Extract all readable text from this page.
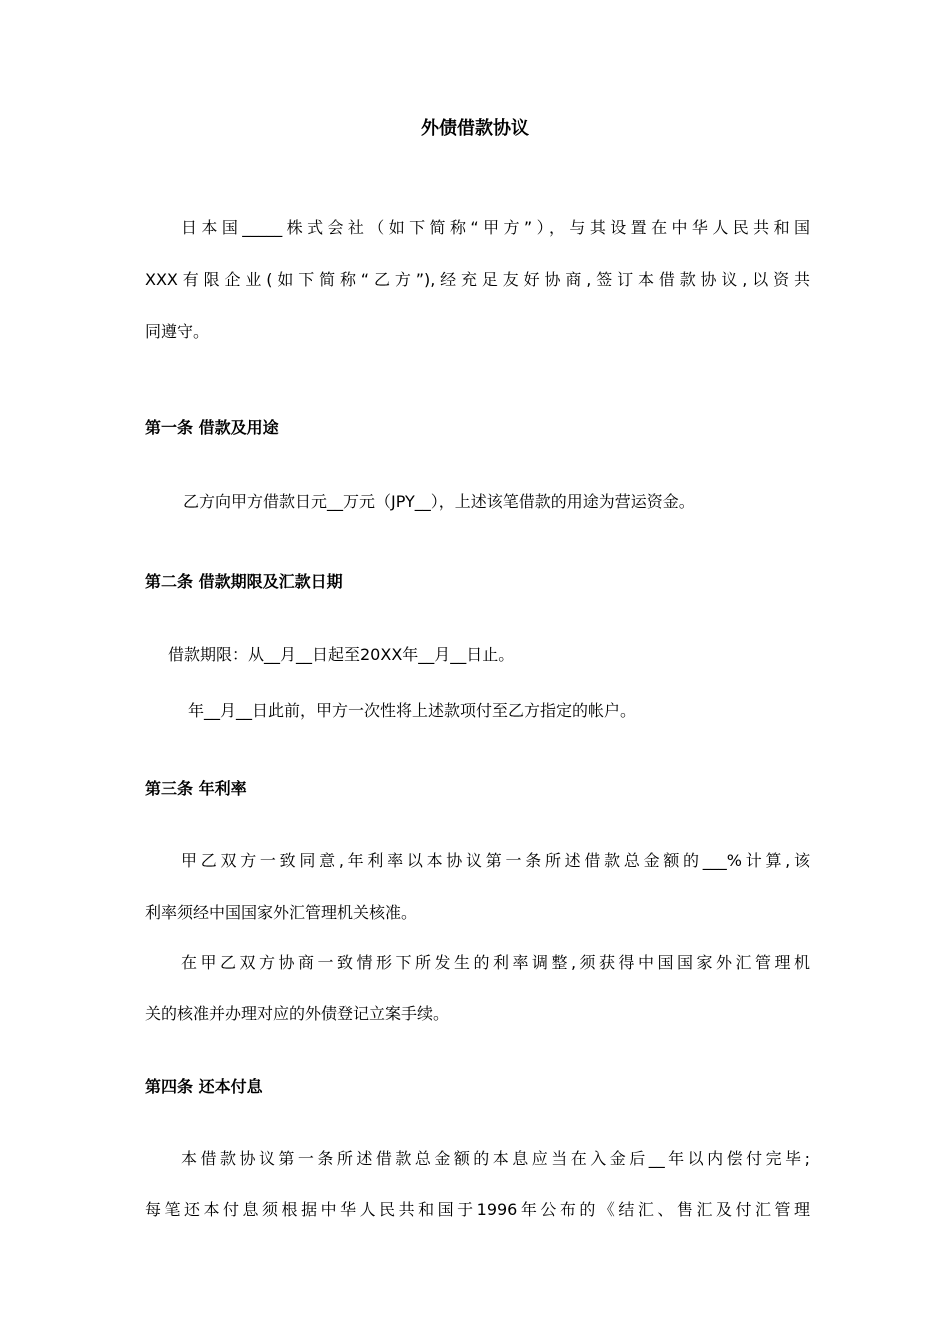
外债借款协议
日本国_____株式会社（如下简称“甲方”），与其设置在中华人民共和国
XXX有限企业(如下简称“乙方”),经充足友好协商,签订本借款协议,以资共
同遵守。
第一条 借款及用途
乙方向甲方借款日元__万元（JPY__），上述该笔借款的用途为营运资金。
第二条 借款期限及汇款日期
借款期限：从__月__日起至20XX年__月__日止。
年__月__日此前，甲方一次性将上述款项付至乙方指定的帐户。
第三条 年利率
甲乙双方一致同意,年利率以本协议第一条所述借款总金额的___%计算,该
利率须经中国国家外汇管理机关核准。
在甲乙双方协商一致情形下所发生的利率调整,须获得中国国家外汇管理机
关的核准并办理对应的外债登记立案手续。
第四条 还本付息
本借款协议第一条所述借款总金额的本息应当在入金后__年以内偿付完毕;
每笔还本付息须根据中华人民共和国于1996年公布的《结汇、售汇及付汇管理
